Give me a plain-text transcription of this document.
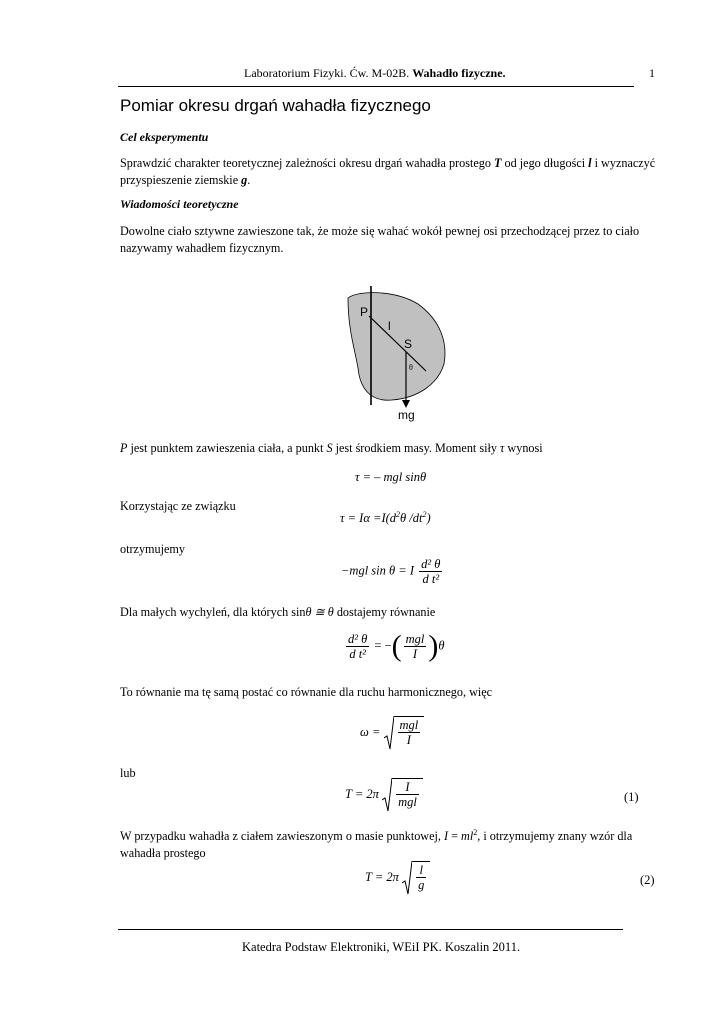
Laboratorium Fizyki. Ćw. M-02B. Wahadło fizyczne.	1
Pomiar okresu drgań wahadła fizycznego
Cel eksperymentu
Sprawdzić charakter teoretycznej zależności okresu drgań wahadła prostego T od jego długości l i wyznaczyć przyspieszenie ziemskie g.
Wiadomości teoretyczne
Dowolne ciało sztywne zawieszone tak, że może się wahać wokół pewnej osi przechodzącej przez to ciało nazywamy wahadłem fizycznym.
P
l
S
θ
mg
P jest punktem zawieszenia ciała, a punkt S jest środkiem masy. Moment siły τ wynosi
τ = – mgl sinθ
Korzystając ze związku
$\tau = I\alpha =I(d^2\theta$ $/dt^2$)
otrzymujemy
−mgl sin θ = I $\frac{\text{d² θ}}{\text{d t²}}$
Dla małych wychyleń, dla których sinθ ≅ θ dostajemy równanie
$\frac{\text{d² θ}}{\text{d t²}}$ = −( $\frac{\text{mgl}}{I} )\theta$
To równanie ma tę samą postać co równanie dla ruchu harmonicznego, więc
$\omega = \frac{\text{mgl}}{I}$
lub
$T = 2\pi \frac{I}{\text{mgl}}$	(1)
W przypadku wahadła z ciałem zawieszonym o masie punktowej, $I = ml^2$, i otrzymujemy znany wzór dla wahadła prostego
$T = 2\pi \frac{l}{g}$	(2)
Katedra Podstaw Elektroniki, WEiI PK. Koszalin 2011.
